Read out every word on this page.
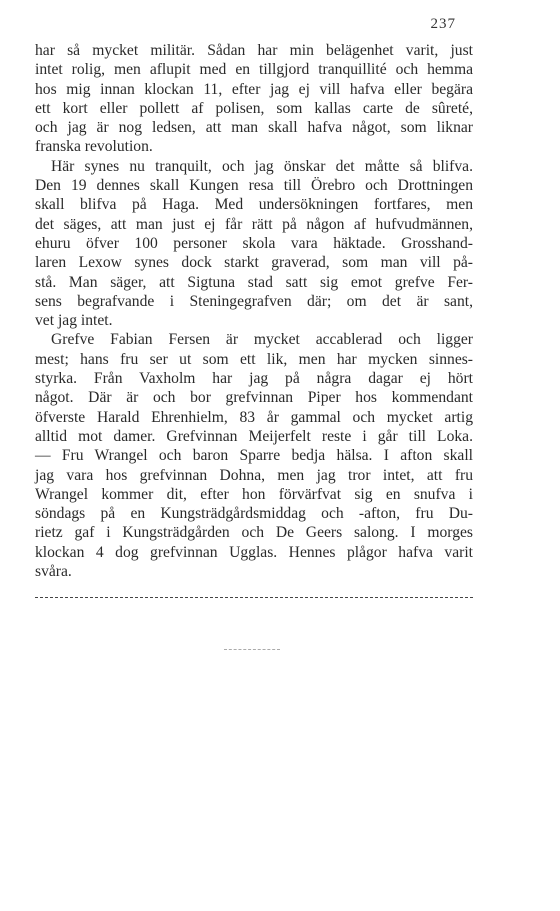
237
har så mycket militär. Sådan har min belägenhet varit, just
intet rolig, men aflupit med en tillgjord tranquillité och hemma
hos mig innan klockan 11, efter jag ej vill hafva eller begära
ett kort eller pollett af polisen, som kallas carte de sûreté,
och jag är nog ledsen, att man skall hafva något, som liknar
franska revolution.
Här synes nu tranquilt, och jag önskar det måtte så blifva.
Den 19 dennes skall Kungen resa till Örebro och Drottningen
skall blifva på Haga. Med undersökningen fortfares, men
det säges, att man just ej får rätt på någon af hufvudmännen,
ehuru öfver 100 personer skola vara häktade. Grosshand-
laren Lexow synes dock starkt graverad, som man vill på-
stå. Man säger, att Sigtuna stad satt sig emot grefve Fer-
sens begrafvande i Steningegrafven där; om det är sant,
vet jag intet.
Grefve Fabian Fersen är mycket accablerad och ligger
mest; hans fru ser ut som ett lik, men har mycken sinnes-
styrka. Från Vaxholm har jag på några dagar ej hört
något. Där är och bor grefvinnan Piper hos kommendant
öfverste Harald Ehrenhielm, 83 år gammal och mycket artig
alltid mot damer. Grefvinnan Meijerfelt reste i går till Loka.
— Fru Wrangel och baron Sparre bedja hälsa. I afton skall
jag vara hos grefvinnan Dohna, men jag tror intet, att fru
Wrangel kommer dit, efter hon förvärfvat sig en snufva i
söndags på en Kungsträdgårdsmiddag och -afton, fru Du-
rietz gaf i Kungsträdgården och De Geers salong. I morges
klockan 4 dog grefvinnan Ugglas. Hennes plågor hafva varit
svåra.
